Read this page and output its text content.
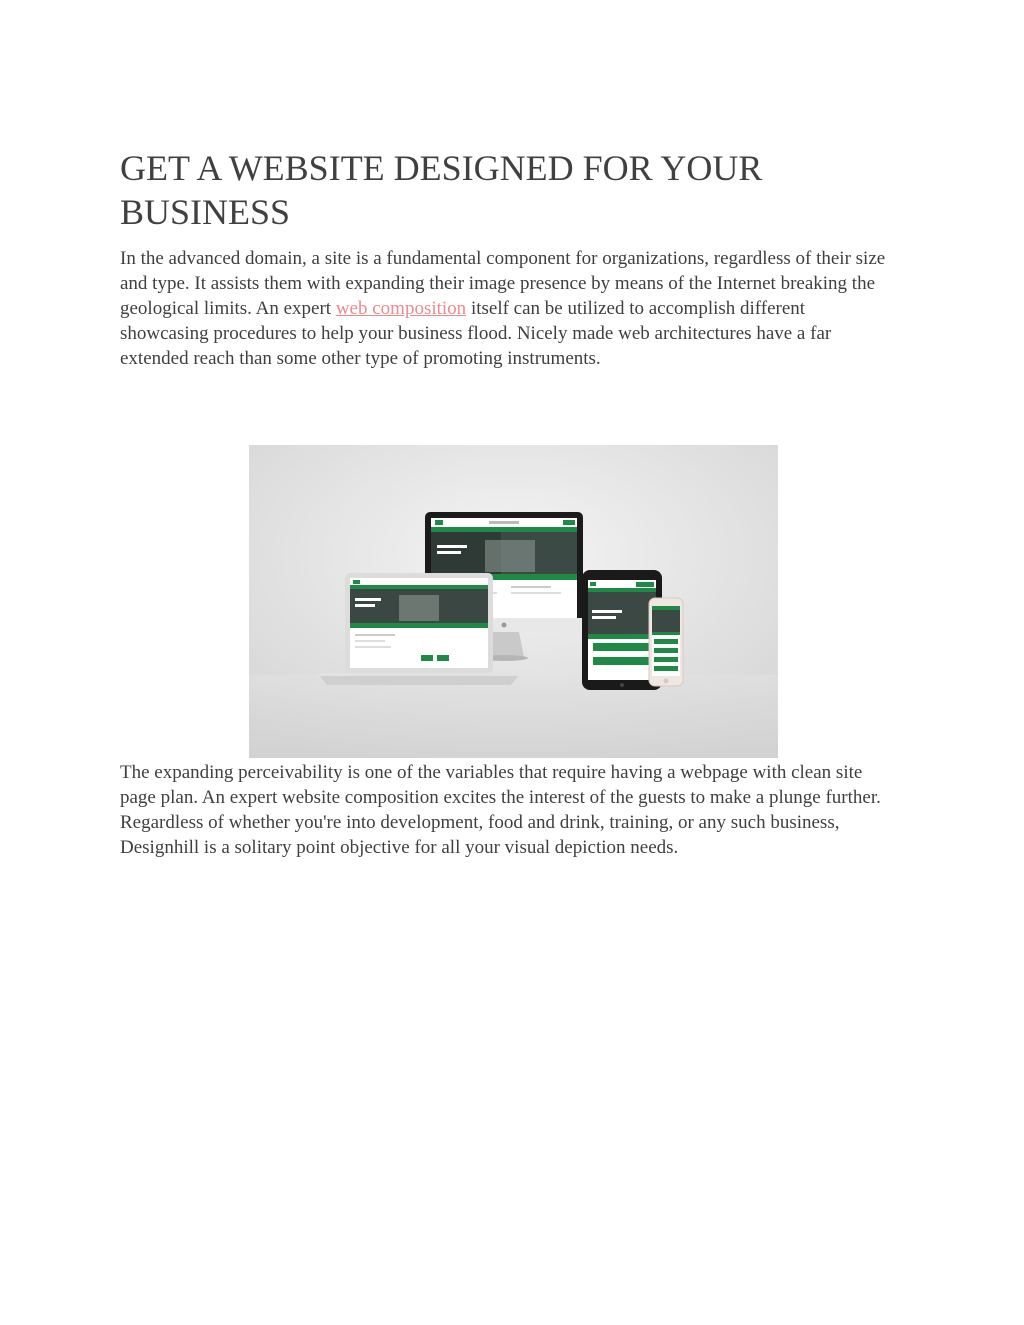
GET A WEBSITE DESIGNED FOR YOUR BUSINESS

In the advanced domain, a site is a fundamental component for organizations, regardless of their size and type. It assists them with expanding their image presence by means of the Internet breaking the geological limits. An expert web composition itself can be utilized to accomplish different showcasing procedures to help your business flood. Nicely made web architectures have a far extended reach than some other type of promoting instruments.

The expanding perceivability is one of the variables that require having a webpage with clean site page plan. An expert website composition excites the interest of the guests to make a plunge further. Regardless of whether you're into development, food and drink, training, or any such business, Designhill is a solitary point objective for all your visual depiction needs.
